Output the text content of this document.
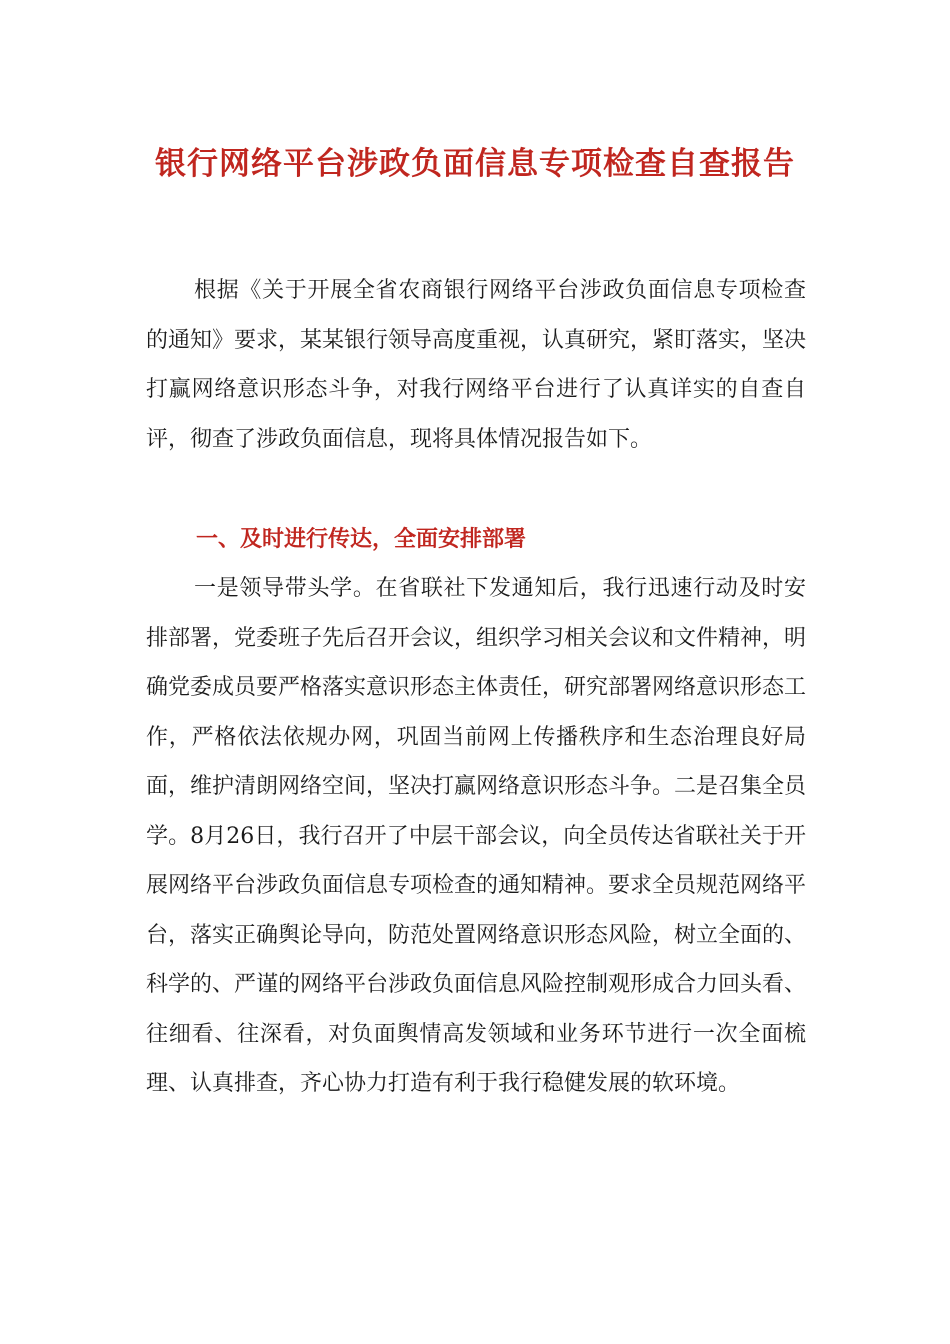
银行网络平台涉政负面信息专项检查自查报告

根据《关于开展全省农商银行网络平台涉政负面信息专项检查的通知》要求，某某银行领导高度重视，认真研究，紧盯落实，坚决打赢网络意识形态斗争，对我行网络平台进行了认真详实的自查自评，彻查了涉政负面信息，现将具体情况报告如下。

一、及时进行传达，全面安排部署

一是领导带头学。在省联社下发通知后，我行迅速行动及时安排部署，党委班子先后召开会议，组织学习相关会议和文件精神，明确党委成员要严格落实意识形态主体责任，研究部署网络意识形态工作，严格依法依规办网，巩固当前网上传播秩序和生态治理良好局面，维护清朗网络空间，坚决打赢网络意识形态斗争。二是召集全员学。8月26日，我行召开了中层干部会议，向全员传达省联社关于开展网络平台涉政负面信息专项检查的通知精神。要求全员规范网络平台，落实正确舆论导向，防范处置网络意识形态风险，树立全面的、科学的、严谨的网络平台涉政负面信息风险控制观形成合力回头看、往细看、往深看，对负面舆情高发领域和业务环节进行一次全面梳理、认真排查，齐心协力打造有利于我行稳健发展的软环境。
